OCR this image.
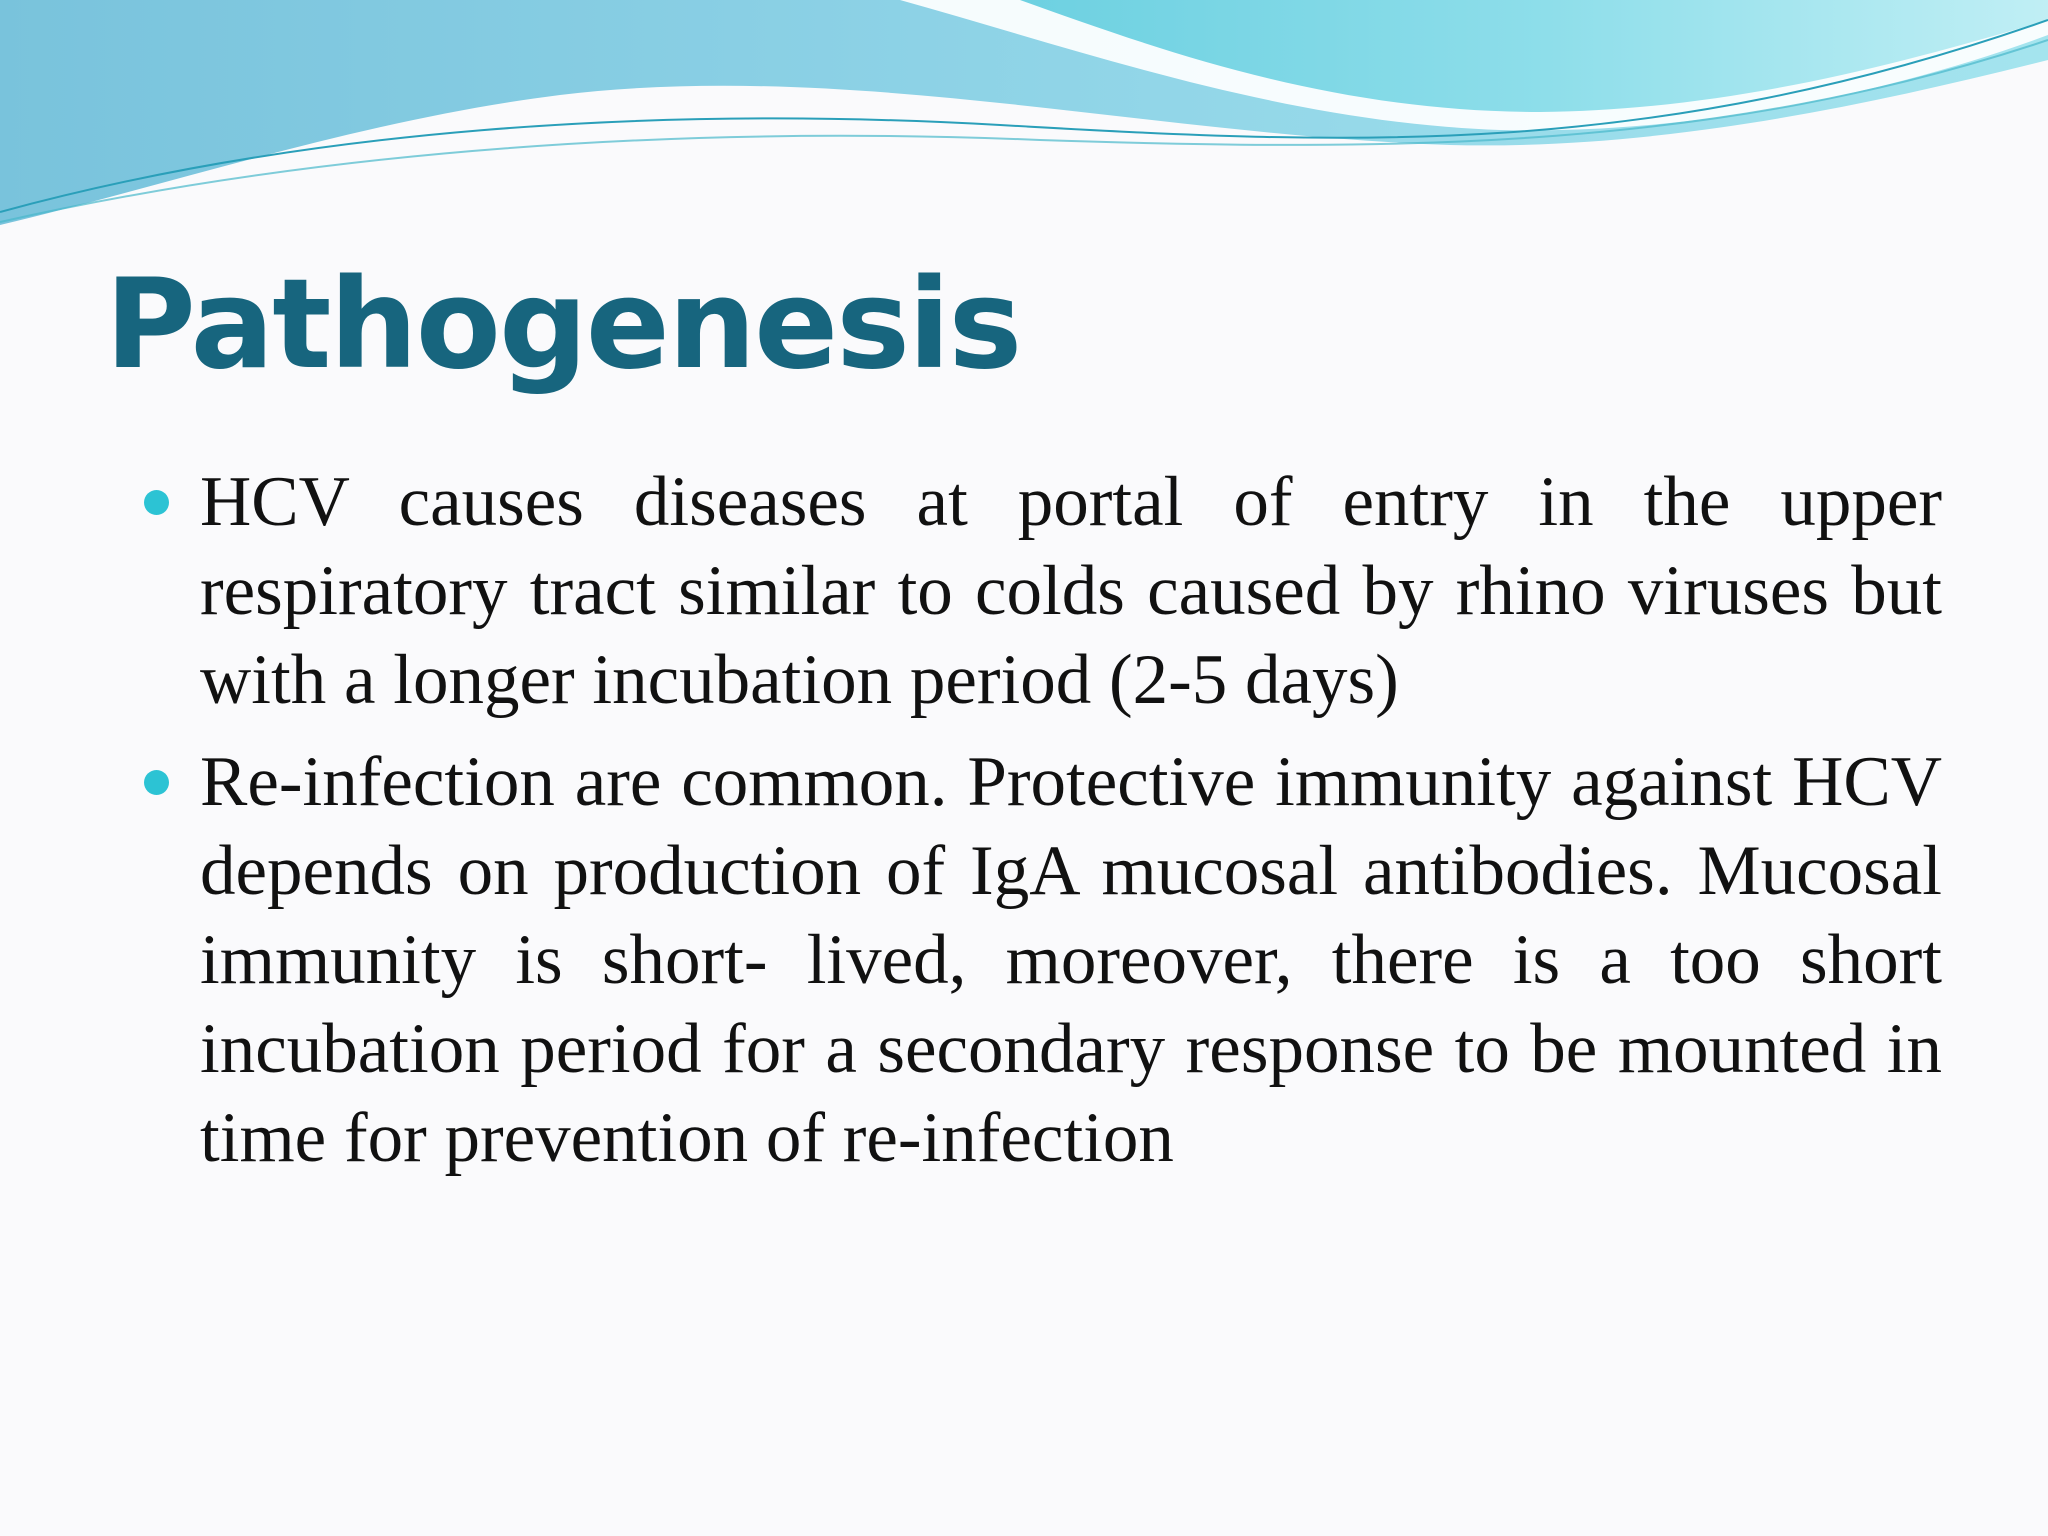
Pathogenesis
HCV causes diseases at portal of entry in the upper respiratory tract similar to colds caused by rhino viruses but with a longer incubation period (2-5 days)
Re-infection are common. Protective immunity against HCV depends on production of IgA mucosal antibodies. Mucosal immunity is short- lived, moreover, there is a too short incubation period for a secondary response to be mounted in time for prevention of re-infection
